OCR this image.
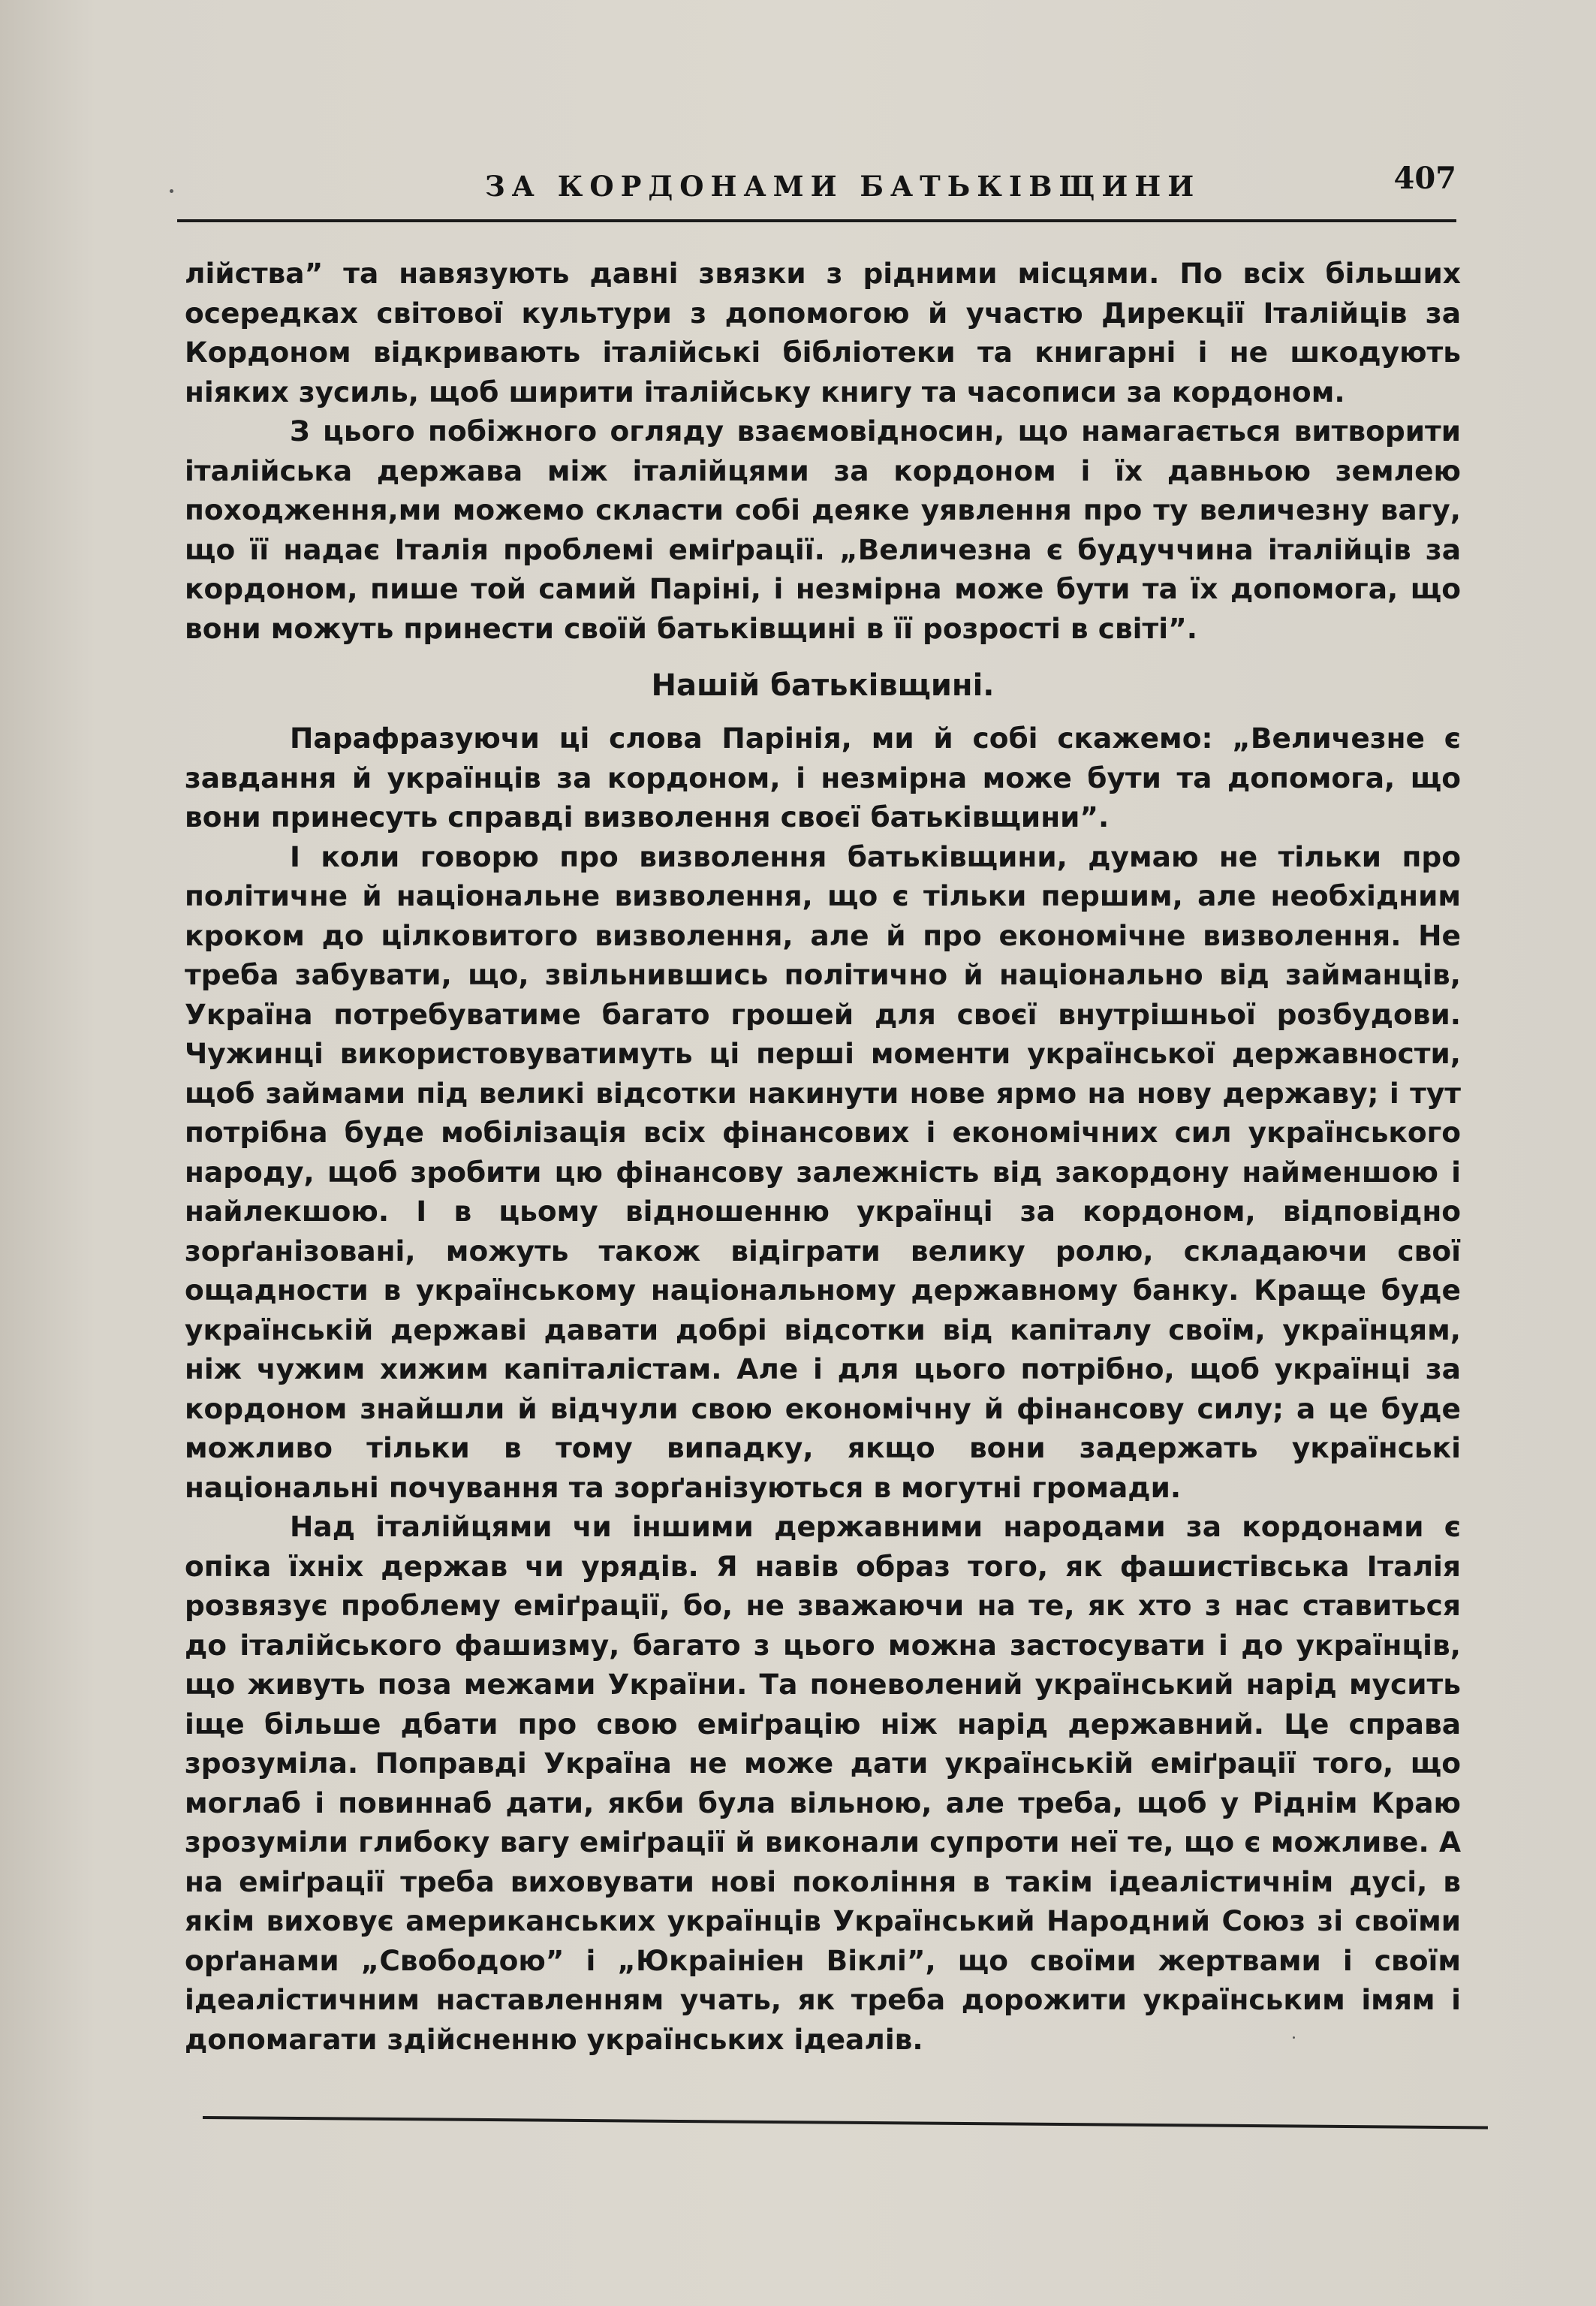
ЗА КОРДОНАМИ БАТЬКІВЩИНИ	407

лійства” та навязують давні звязки з рідними місцями. По всіх більших осередках світової культури з допомогою й участю Дирекції Італійців за Кордоном відкривають італійські бібліотеки та книгарні і не шкодують ніяких зусиль, щоб ширити італійську книгу та часописи за кордоном.

З цього побіжного огляду взаємовідносин, що намагається витворити італійська держава між італійцями за кордоном і їх давньою землею походження,ми можемо скласти собі деяке уявлення про ту величезну вагу, що її надає Італія проблемі еміґрації. „Величезна є будуччина італійців за кордоном, пише той самий Паріні, і незмірна може бути та їх допомога, що вони можуть принести своїй батьківщині в її розрості в світі”.

Нашій батьківщині.

Парафразуючи ці слова Парінія, ми й собі скажемо: „Величезне є завдання й українців за кордоном, і незмірна може бути та допомога, що вони принесуть справді визволення своєї батьківщини”.

І коли говорю про визволення батьківщини, думаю не тільки про політичне й національне визволення, що є тільки першим, але необхідним кроком до цілковитого визволення, але й про економічне визволення. Не треба забувати, що, звільнившись політично й національно від займанців, Україна потребуватиме багато грошей для своєї внутрішньої розбудови. Чужинці використовуватимуть ці перші моменти української державности, щоб займами під великі відсотки накинути нове ярмо на нову державу; і тут потрібна буде мобілізація всіх фінансових і економічних сил українського народу, щоб зробити цю фінансову залежність від закордону найменшою і найлекшою. І в цьому відношенню українці за кордоном, відповідно зорґанізовані, можуть також відіграти велику ролю, складаючи свої ощадности в українському національному державному банку. Краще буде українській державі давати добрі відсотки від капіталу своїм, українцям, ніж чужим хижим капіталістам. Але і для цього потрібно, щоб українці за кордоном знайшли й відчули свою економічну й фінансову силу; а це буде можливо тільки в тому випадку, якщо вони задержать українські національні почування та зорґанізуються в могутні громади.

Над італійцями чи іншими державними народами за кордонами є опіка їхніх держав чи урядів. Я навів образ того, як фашистівська Італія розвязує проблему еміґрації, бо, не зважаючи на те, як хто з нас ставиться до італійського фашизму, багато з цього можна застосувати і до українців, що живуть поза межами України. Та поневолений український нарід мусить іще більше дбати про свою еміґрацію ніж нарід державний. Це справа зрозуміла. Поправді Україна не може дати українській еміґрації того, що моглаб і повиннаб дати, якби була вільною, але треба, щоб у Ріднім Краю зрозуміли глибоку вагу еміґрації й виконали супроти неї те, що є можливе. А на еміґрації треба виховувати нові покоління в такім ідеалістичнім дусі, в якім виховує американських українців Український Народний Союз зі своїми орґанами „Свободою” і „Юкраініен Віклі”, що своїми жертвами і своїм ідеалістичним наставленням учать, як треба дорожити українським імям і допомагати здійсненню українських ідеалів.
